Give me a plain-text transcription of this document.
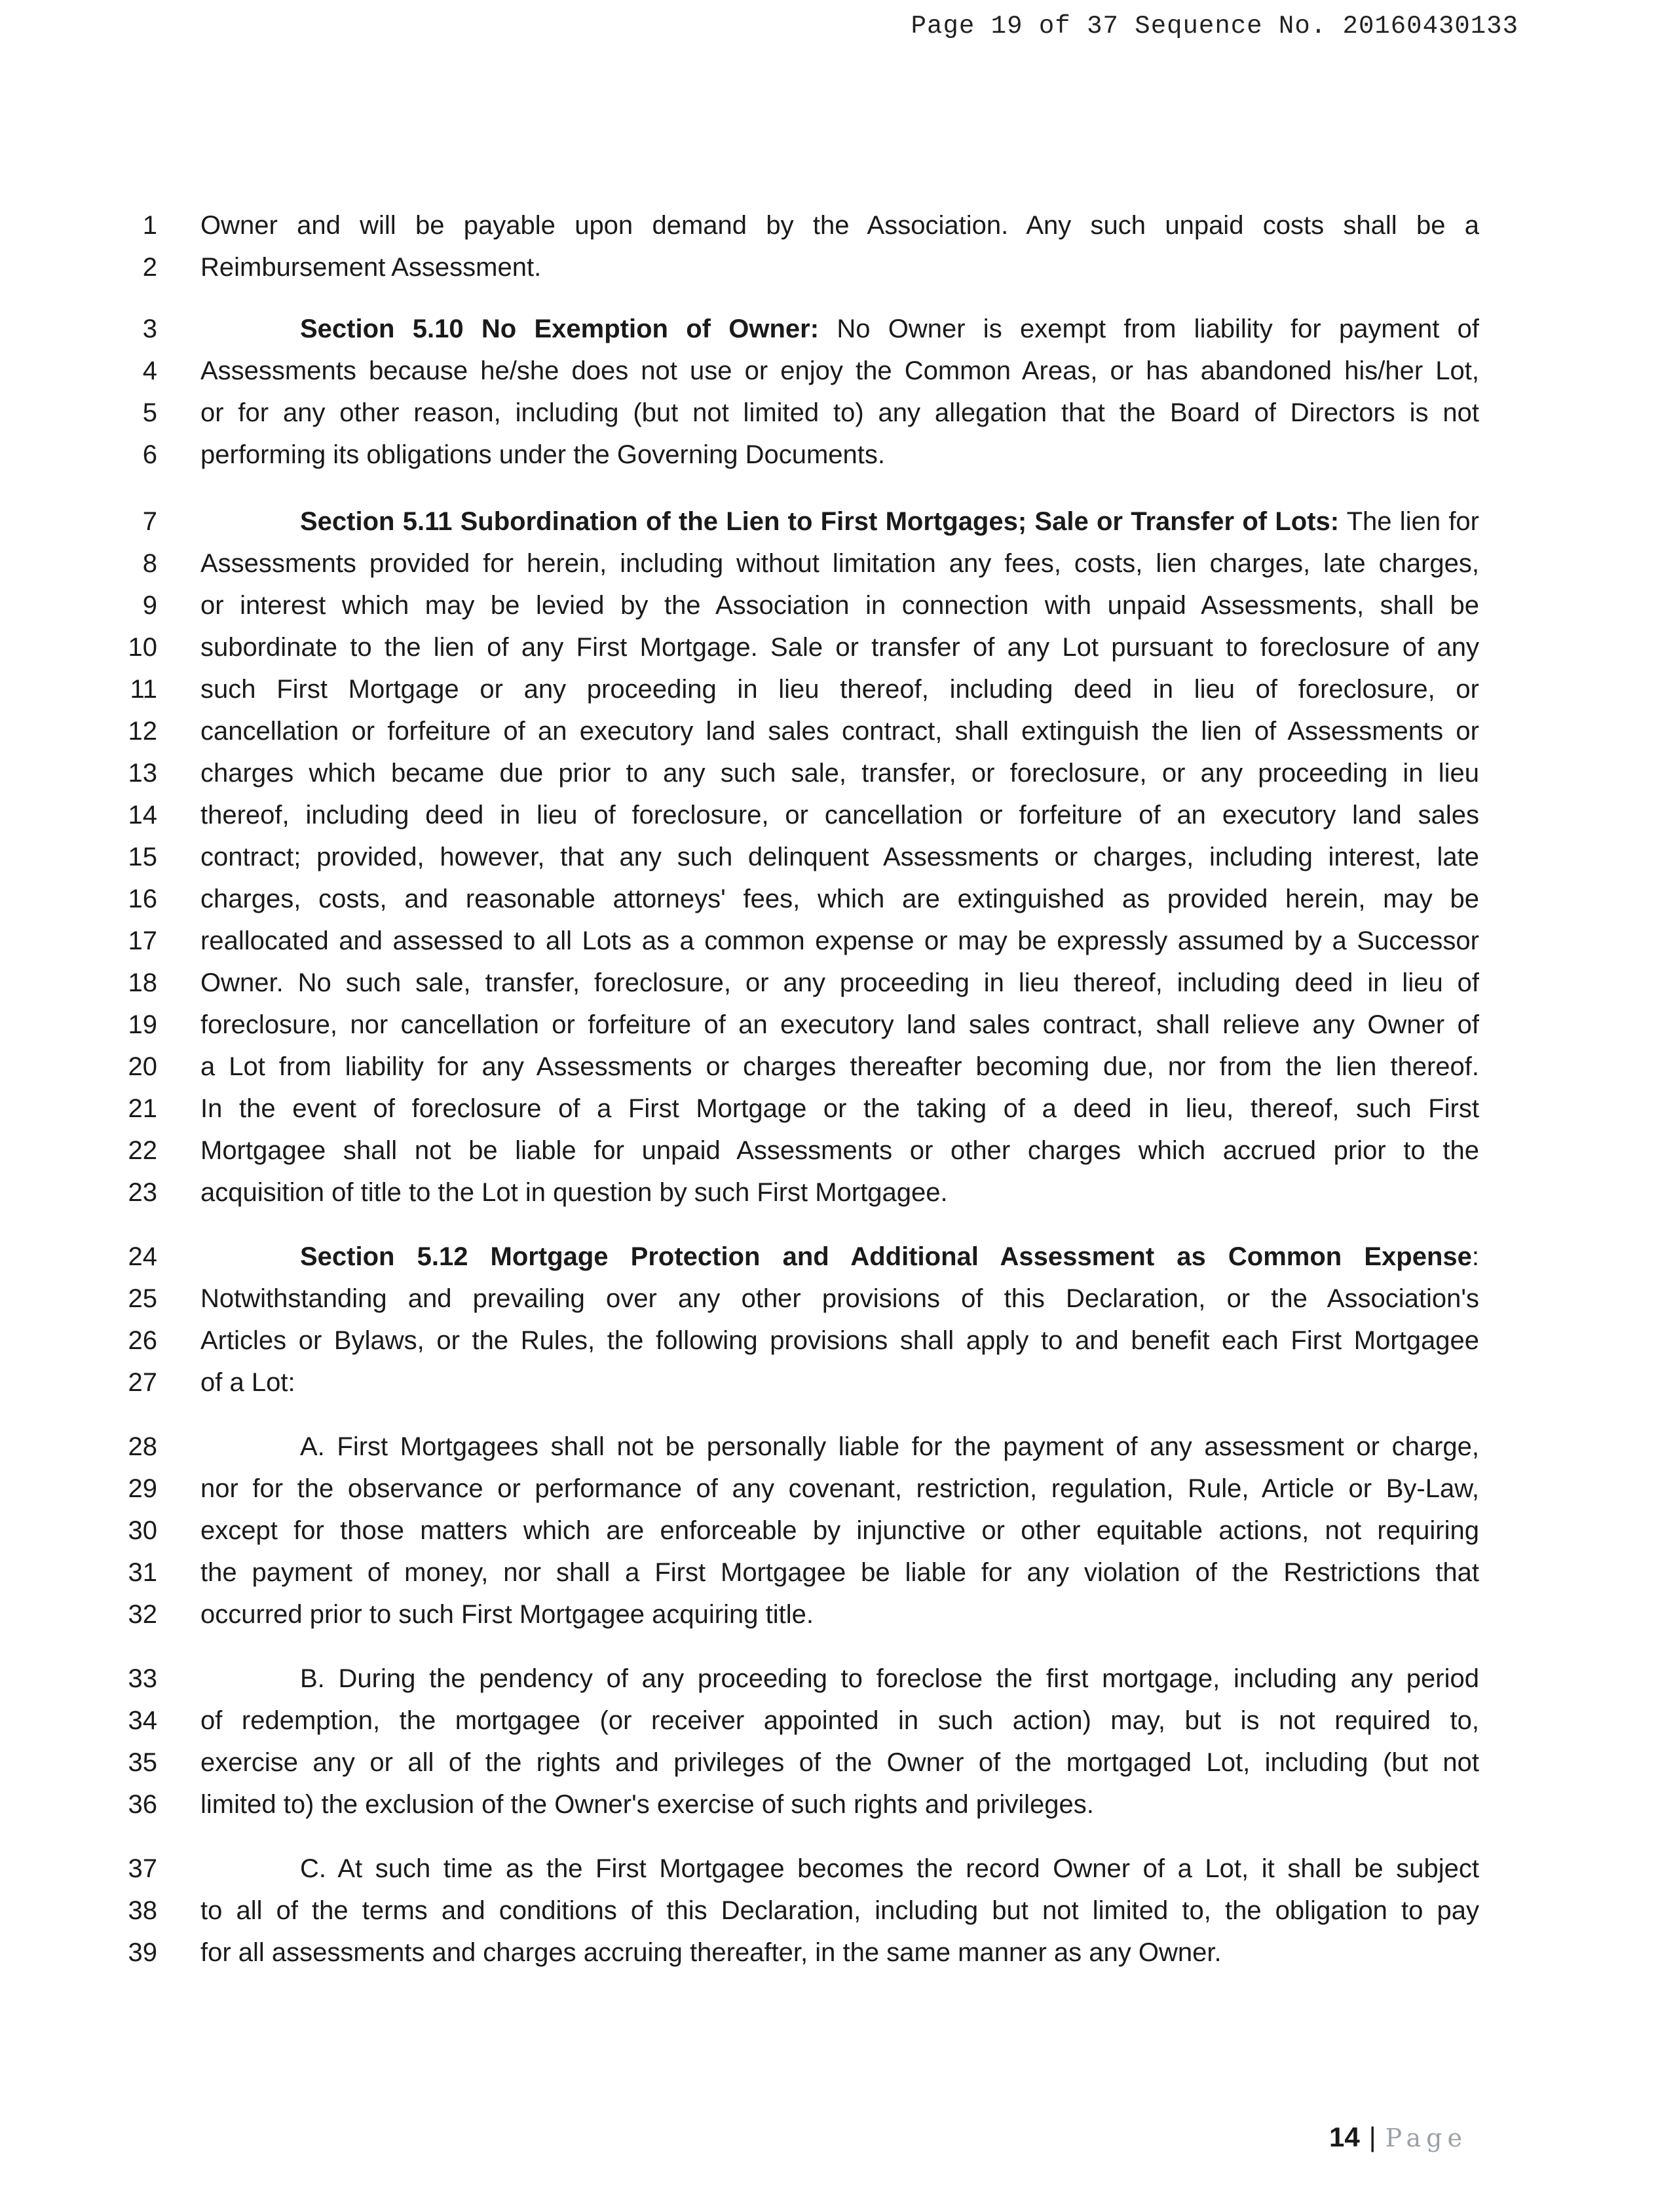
Page 19 of 37 Sequence No. 20160430133
1 Owner and will be payable upon demand by the Association. Any such unpaid costs shall be a
2 Reimbursement Assessment.
3	Section 5.10 No Exemption of Owner: No Owner is exempt from liability for payment of
4 Assessments because he/she does not use or enjoy the Common Areas, or has abandoned his/her Lot,
5 or for any other reason, including (but not limited to) any allegation that the Board of Directors is not
6 performing its obligations under the Governing Documents.
7	Section 5.11 Subordination of the Lien to First Mortgages; Sale or Transfer of Lots: The lien for
8 Assessments provided for herein, including without limitation any fees, costs, lien charges, late charges,
9 or interest which may be levied by the Association in connection with unpaid Assessments, shall be
10 subordinate to the lien of any First Mortgage. Sale or transfer of any Lot pursuant to foreclosure of any
11 such First Mortgage or any proceeding in lieu thereof, including deed in lieu of foreclosure, or
12 cancellation or forfeiture of an executory land sales contract, shall extinguish the lien of Assessments or
13 charges which became due prior to any such sale, transfer, or foreclosure, or any proceeding in lieu
14 thereof, including deed in lieu of foreclosure, or cancellation or forfeiture of an executory land sales
15 contract; provided, however, that any such delinquent Assessments or charges, including interest, late
16 charges, costs, and reasonable attorneys' fees, which are extinguished as provided herein, may be
17 reallocated and assessed to all Lots as a common expense or may be expressly assumed by a Successor
18 Owner. No such sale, transfer, foreclosure, or any proceeding in lieu thereof, including deed in lieu of
19 foreclosure, nor cancellation or forfeiture of an executory land sales contract, shall relieve any Owner of
20 a Lot from liability for any Assessments or charges thereafter becoming due, nor from the lien thereof.
21 In the event of foreclosure of a First Mortgage or the taking of a deed in lieu, thereof, such First
22 Mortgagee shall not be liable for unpaid Assessments or other charges which accrued prior to the
23 acquisition of title to the Lot in question by such First Mortgagee.
24	Section 5.12 Mortgage Protection and Additional Assessment as Common Expense:
25 Notwithstanding and prevailing over any other provisions of this Declaration, or the Association's
26 Articles or Bylaws, or the Rules, the following provisions shall apply to and benefit each First Mortgagee
27 of a Lot:
28	A. First Mortgagees shall not be personally liable for the payment of any assessment or charge,
29 nor for the observance or performance of any covenant, restriction, regulation, Rule, Article or By-Law,
30 except for those matters which are enforceable by injunctive or other equitable actions, not requiring
31 the payment of money, nor shall a First Mortgagee be liable for any violation of the Restrictions that
32 occurred prior to such First Mortgagee acquiring title.
33	B. During the pendency of any proceeding to foreclose the first mortgage, including any period
34 of redemption, the mortgagee (or receiver appointed in such action) may, but is not required to,
35 exercise any or all of the rights and privileges of the Owner of the mortgaged Lot, including (but not
36 limited to) the exclusion of the Owner's exercise of such rights and privileges.
37	C. At such time as the First Mortgagee becomes the record Owner of a Lot, it shall be subject
38 to all of the terms and conditions of this Declaration, including but not limited to, the obligation to pay
39 for all assessments and charges accruing thereafter, in the same manner as any Owner.
14 | Page
